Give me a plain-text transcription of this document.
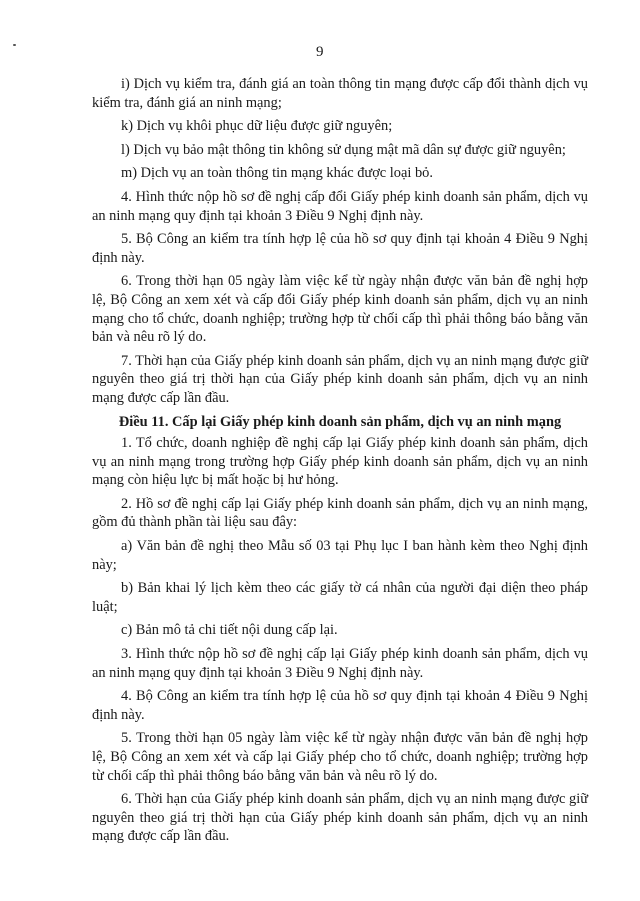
9

i) Dịch vụ kiểm tra, đánh giá an toàn thông tin mạng được cấp đổi thành dịch vụ kiểm tra, đánh giá an ninh mạng;

k) Dịch vụ khôi phục dữ liệu được giữ nguyên;

l) Dịch vụ bảo mật thông tin không sử dụng mật mã dân sự được giữ nguyên;

m) Dịch vụ an toàn thông tin mạng khác được loại bỏ.

4. Hình thức nộp hồ sơ đề nghị cấp đổi Giấy phép kinh doanh sản phẩm, dịch vụ an ninh mạng quy định tại khoản 3 Điều 9 Nghị định này.

5. Bộ Công an kiểm tra tính hợp lệ của hồ sơ quy định tại khoản 4 Điều 9 Nghị định này.

6. Trong thời hạn 05 ngày làm việc kể từ ngày nhận được văn bản đề nghị hợp lệ, Bộ Công an xem xét và cấp đổi Giấy phép kinh doanh sản phẩm, dịch vụ an ninh mạng cho tổ chức, doanh nghiệp; trường hợp từ chối cấp thì phải thông báo bằng văn bản và nêu rõ lý do.

7. Thời hạn của Giấy phép kinh doanh sản phẩm, dịch vụ an ninh mạng được giữ nguyên theo giá trị thời hạn của Giấy phép kinh doanh sản phẩm, dịch vụ an ninh mạng được cấp lần đầu.

Điều 11. Cấp lại Giấy phép kinh doanh sản phẩm, dịch vụ an ninh mạng

1. Tổ chức, doanh nghiệp đề nghị cấp lại Giấy phép kinh doanh sản phẩm, dịch vụ an ninh mạng trong trường hợp Giấy phép kinh doanh sản phẩm, dịch vụ an ninh mạng còn hiệu lực bị mất hoặc bị hư hỏng.

2. Hồ sơ đề nghị cấp lại Giấy phép kinh doanh sản phẩm, dịch vụ an ninh mạng, gồm đủ thành phần tài liệu sau đây:

a) Văn bản đề nghị theo Mẫu số 03 tại Phụ lục I ban hành kèm theo Nghị định này;

b) Bản khai lý lịch kèm theo các giấy tờ cá nhân của người đại diện theo pháp luật;

c) Bản mô tả chi tiết nội dung cấp lại.

3. Hình thức nộp hồ sơ đề nghị cấp lại Giấy phép kinh doanh sản phẩm, dịch vụ an ninh mạng quy định tại khoản 3 Điều 9 Nghị định này.

4. Bộ Công an kiểm tra tính hợp lệ của hồ sơ quy định tại khoản 4 Điều 9 Nghị định này.

5. Trong thời hạn 05 ngày làm việc kể từ ngày nhận được văn bản đề nghị hợp lệ, Bộ Công an xem xét và cấp lại Giấy phép cho tổ chức, doanh nghiệp; trường hợp từ chối cấp thì phải thông báo bằng văn bản và nêu rõ lý do.

6. Thời hạn của Giấy phép kinh doanh sản phẩm, dịch vụ an ninh mạng được giữ nguyên theo giá trị thời hạn của Giấy phép kinh doanh sản phẩm, dịch vụ an ninh mạng được cấp lần đầu.
